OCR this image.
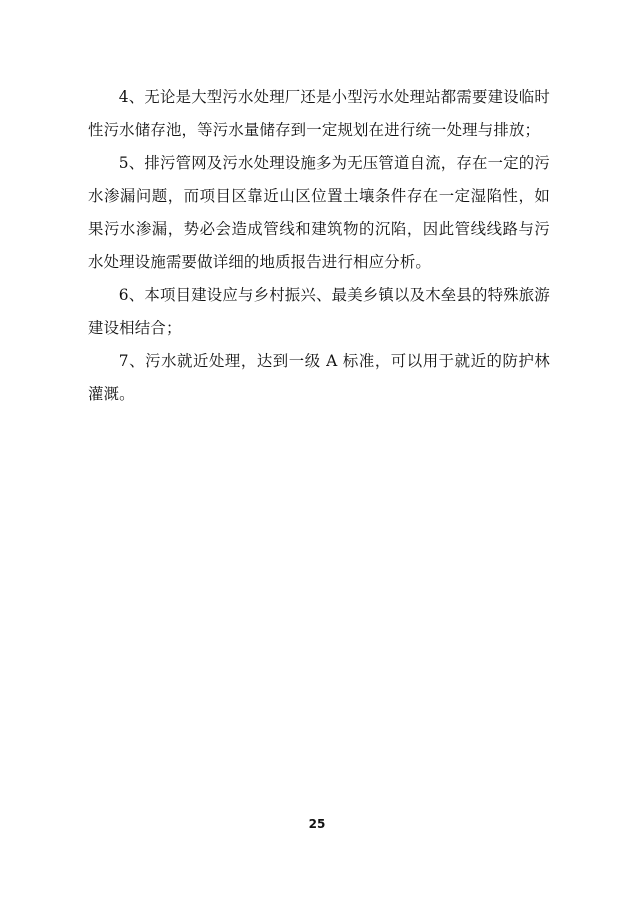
4、无论是大型污水处理厂还是小型污水处理站都需要建设临时性污水储存池，等污水量储存到一定规划在进行统一处理与排放；

5、排污管网及污水处理设施多为无压管道自流，存在一定的污水渗漏问题，而项目区靠近山区位置土壤条件存在一定湿陷性，如果污水渗漏，势必会造成管线和建筑物的沉陷，因此管线线路与污水处理设施需要做详细的地质报告进行相应分析。

6、本项目建设应与乡村振兴、最美乡镇以及木垒县的特殊旅游建设相结合；

7、污水就近处理，达到一级 A 标准，可以用于就近的防护林灌溉。

25
